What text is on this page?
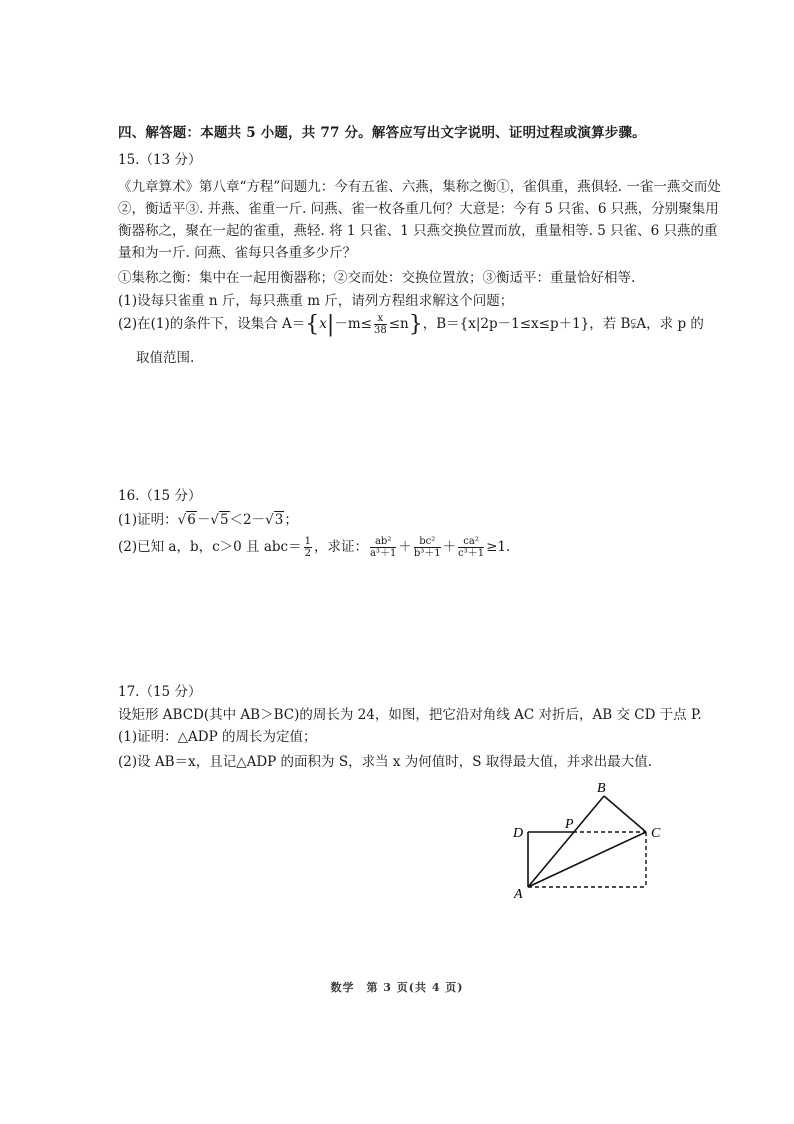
四、解答题：本题共 5 小题，共 77 分。解答应写出文字说明、证明过程或演算步骤。
15.（13 分）
《九章算术》第八章“方程”问题九：今有五雀、六燕，集称之衡①，雀俱重，燕俱轻. 一雀一燕交而处
②，衡适平③. 并燕、雀重一斤. 问燕、雀一枚各重几何？大意是：今有 5 只雀、6 只燕，分别聚集用
衡器称之，聚在一起的雀重，燕轻. 将 1 只雀、1 只燕交换位置而放，重量相等. 5 只雀、6 只燕的重
量和为一斤. 问燕、雀每只各重多少斤？
①集称之衡：集中在一起用衡器称；②交而处：交换位置放；③衡适平：重量恰好相等.
(1)设每只雀重 n 斤，每只燕重 m 斤，请列方程组求解这个问题；
(2)在(1)的条件下，设集合 $A=\{x|-m\le \frac{x}{38} \le n\}$，B＝{x|2p－1≤x≤p＋1}，若 B⫋A，求 p 的
取值范围.
16.（15 分）
(1)证明：√6－√5＜2－√3；
(2)已知 a，b，c＞0 且 $abc= \frac{1}{2}$ ，求证： $\frac{\text{ab²}}{\text{a³＋1}} + \frac{\text{bc²}}{\text{b³＋1}} + \frac{\text{ca²}}{\text{c³＋1}} \ge 1$.
17.（15 分）
设矩形 ABCD(其中 AB＞BC)的周长为 24，如图，把它沿对角线 AC 对折后，AB 交 CD 于点 P.
(1)证明：△ADP 的周长为定值；
(2)设 AB＝x，且记△ADP 的面积为 S，求当 x 为何值时，S 取得最大值，并求出最大值.
B
D
P
C
A
数学　第 3 页(共 4 页)
